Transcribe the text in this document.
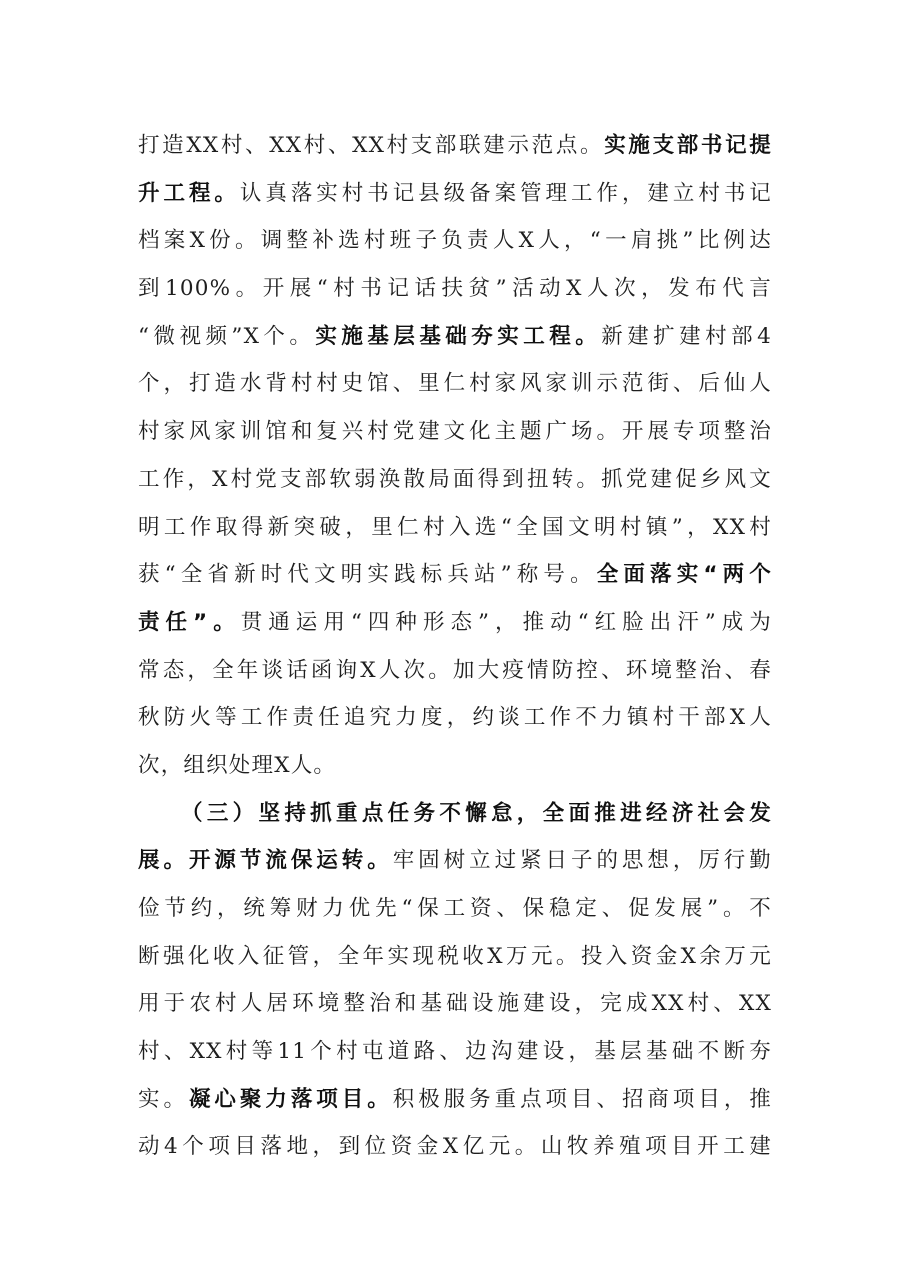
打造XX村、XX村、XX村支部联建示范点。实施支部书记提
升工程。认真落实村书记县级备案管理工作，建立村书记
档案X份。调整补选村班子负责人X人，“一肩挑”比例达
到100%。开展“村书记话扶贫”活动X人次，发布代言
“微视频”X个。实施基层基础夯实工程。新建扩建村部4
个，打造水背村村史馆、里仁村家风家训示范街、后仙人
村家风家训馆和复兴村党建文化主题广场。开展专项整治
工作，X村党支部软弱涣散局面得到扭转。抓党建促乡风文
明工作取得新突破，里仁村入选“全国文明村镇”，XX村
获“全省新时代文明实践标兵站”称号。全面落实“两个
责任”。贯通运用“四种形态”，推动“红脸出汗”成为
常态，全年谈话函询X人次。加大疫情防控、环境整治、春
秋防火等工作责任追究力度，约谈工作不力镇村干部X人
次，组织处理X人。
（三）坚持抓重点任务不懈怠，全面推进经济社会发
展。开源节流保运转。牢固树立过紧日子的思想，厉行勤
俭节约，统筹财力优先“保工资、保稳定、促发展”。不
断强化收入征管，全年实现税收X万元。投入资金X余万元
用于农村人居环境整治和基础设施建设，完成XX村、XX
村、XX村等11个村屯道路、边沟建设，基层基础不断夯
实。凝心聚力落项目。积极服务重点项目、招商项目，推
动4个项目落地，到位资金X亿元。山牧养殖项目开工建
